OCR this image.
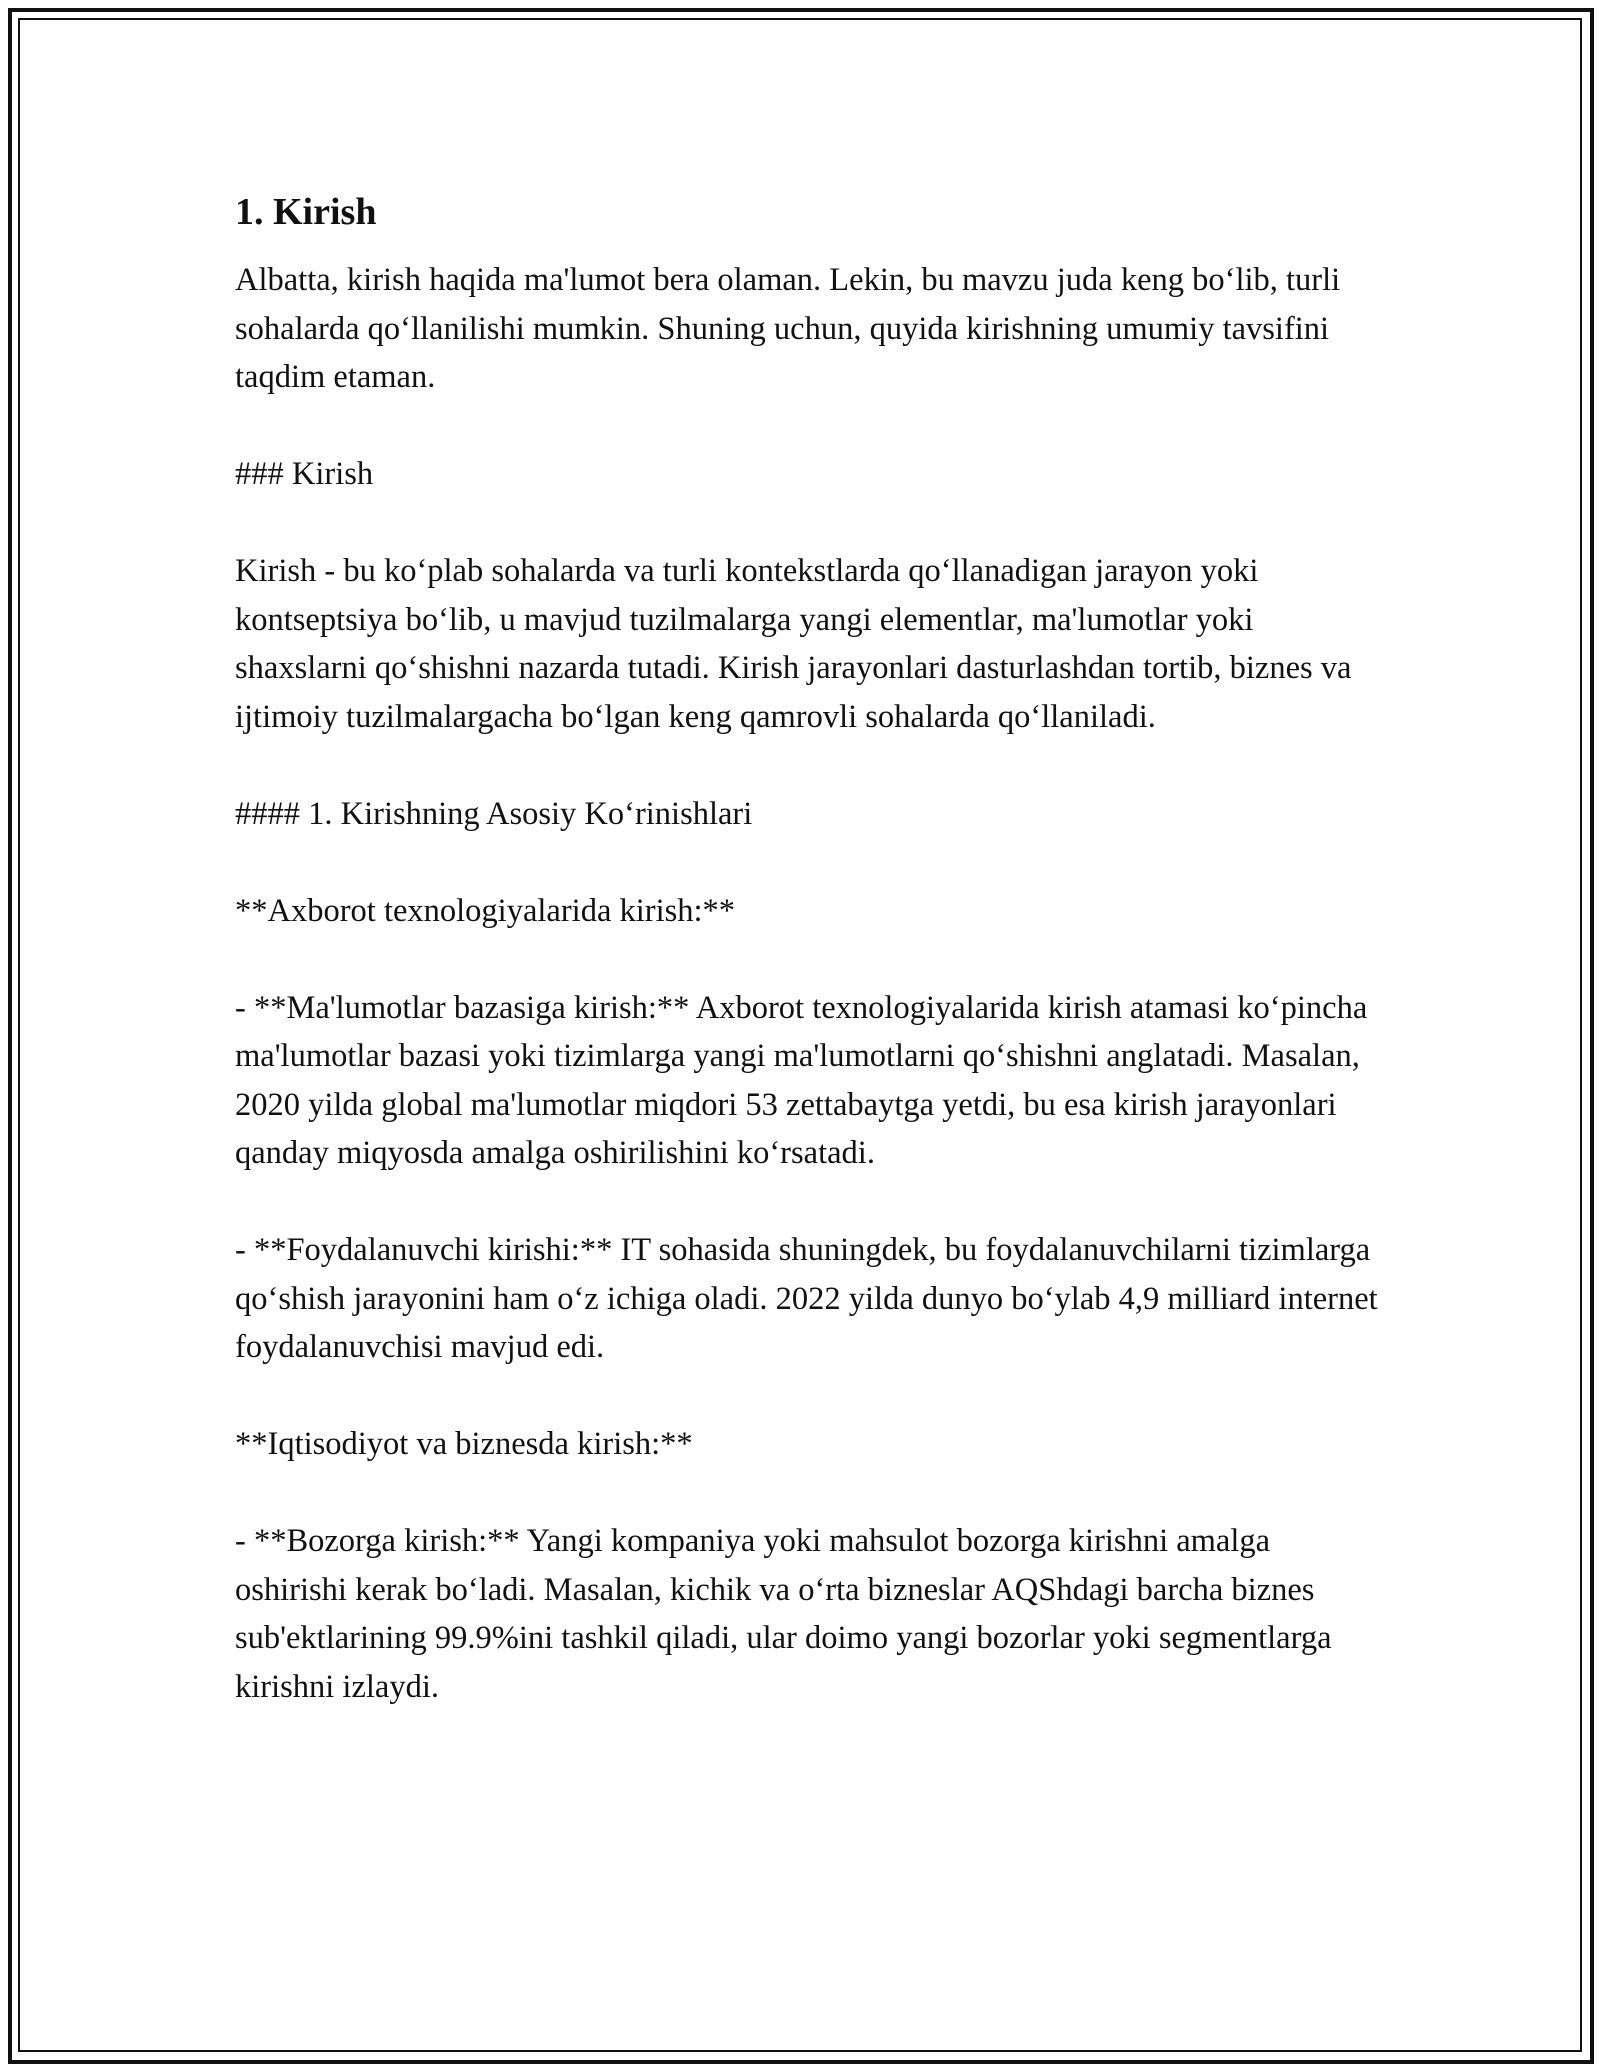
1. Kirish

Albatta, kirish haqida ma'lumot bera olaman. Lekin, bu mavzu juda keng bo‘lib, turli sohalarda qo‘llanilishi mumkin. Shuning uchun, quyida kirishning umumiy tavsifini taqdim etaman.

### Kirish

Kirish - bu ko‘plab sohalarda va turli kontekstlarda qo‘llanadigan jarayon yoki kontseptsiya bo‘lib, u mavjud tuzilmalarga yangi elementlar, ma'lumotlar yoki shaxslarni qo‘shishni nazarda tutadi. Kirish jarayonlari dasturlashdan tortib, biznes va ijtimoiy tuzilmalargacha bo‘lgan keng qamrovli sohalarda qo‘llaniladi.

#### 1. Kirishning Asosiy Ko‘rinishlari

**Axborot texnologiyalarida kirish:**

- **Ma'lumotlar bazasiga kirish:** Axborot texnologiyalarida kirish atamasi ko‘pincha ma'lumotlar bazasi yoki tizimlarga yangi ma'lumotlarni qo‘shishni anglatadi. Masalan, 2020 yilda global ma'lumotlar miqdori 53 zettabaytga yetdi, bu esa kirish jarayonlari qanday miqyosda amalga oshirilishini ko‘rsatadi.

- **Foydalanuvchi kirishi:** IT sohasida shuningdek, bu foydalanuvchilarni tizimlarga qo‘shish jarayonini ham o‘z ichiga oladi. 2022 yilda dunyo bo‘ylab 4,9 milliard internet foydalanuvchisi mavjud edi.

**Iqtisodiyot va biznesda kirish:**

- **Bozorga kirish:** Yangi kompaniya yoki mahsulot bozorga kirishni amalga oshirishi kerak bo‘ladi. Masalan, kichik va o‘rta bizneslar AQShdagi barcha biznes sub'ektlarining 99.9%ini tashkil qiladi, ular doimo yangi bozorlar yoki segmentlarga kirishni izlaydi.
